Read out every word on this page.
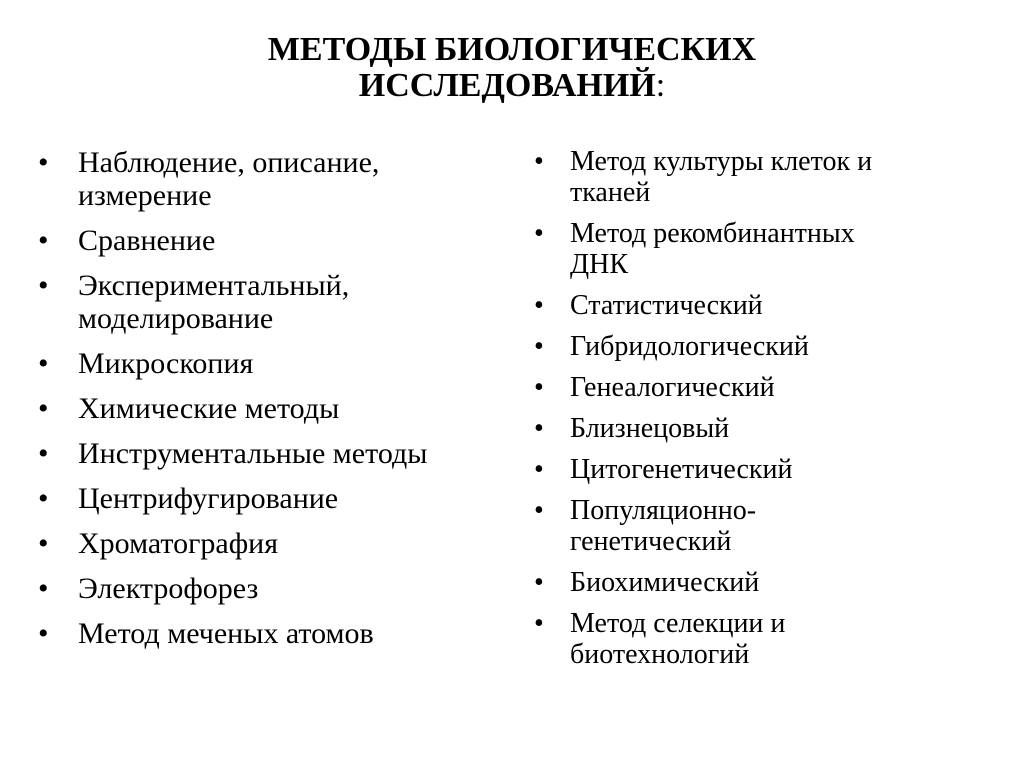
МЕТОДЫ БИОЛОГИЧЕСКИХ
ИССЛЕДОВАНИЙ:
• Наблюдение, описание,
измерение
• Сравнение
• Экспериментальный,
моделирование
• Микроскопия
• Химические методы
• Инструментальные методы
• Центрифугирование
• Хроматография
• Электрофорез
• Метод меченых атомов
• Метод культуры клеток и
тканей
• Метод рекомбинантных
ДНК
• Статистический
• Гибридологический
• Генеалогический
• Близнецовый
• Цитогенетический
• Популяционно-
генетический
• Биохимический
• Метод селекции и
биотехнологий
